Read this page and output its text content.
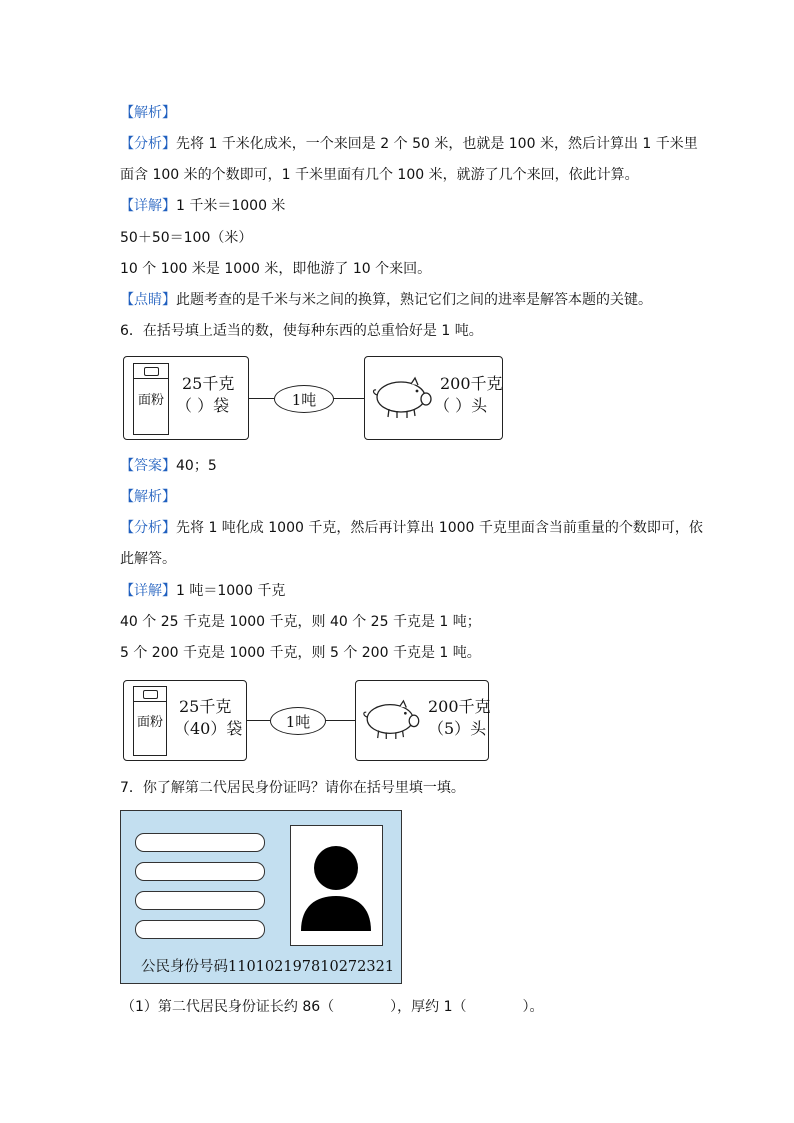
【解析】
【分析】先将 1 千米化成米，一个来回是 2 个 50 米，也就是 100 米，然后计算出 1 千米里
面含 100 米的个数即可，1 千米里面有几个 100 米，就游了几个来回，依此计算。
【详解】1 千米＝1000 米
50＋50＝100（米）
10 个 100 米是 1000 米，即他游了 10 个来回。
【点睛】此题考查的是千米与米之间的换算，熟记它们之间的进率是解答本题的关键。
6．在括号填上适当的数，使每种东西的总重恰好是 1 吨。
面粉
25千克
（ ）袋	1吨
200千克
（ ）头
【答案】40；5
【解析】
【分析】先将 1 吨化成 1000 千克，然后再计算出 1000 千克里面含当前重量的个数即可，依
此解答。
【详解】1 吨＝1000 千克
40 个 25 千克是 1000 千克，则 40 个 25 千克是 1 吨；
5 个 200 千克是 1000 千克，则 5 个 200 千克是 1 吨。
面粉
25千克
（40）袋	1吨
200千克
（5）头
7．你了解第二代居民身份证吗？请你在括号里填一填。
公民身份号码110102197810272321
（1）第二代居民身份证长约 86（　　　　），厚约 1（　　　　）。
